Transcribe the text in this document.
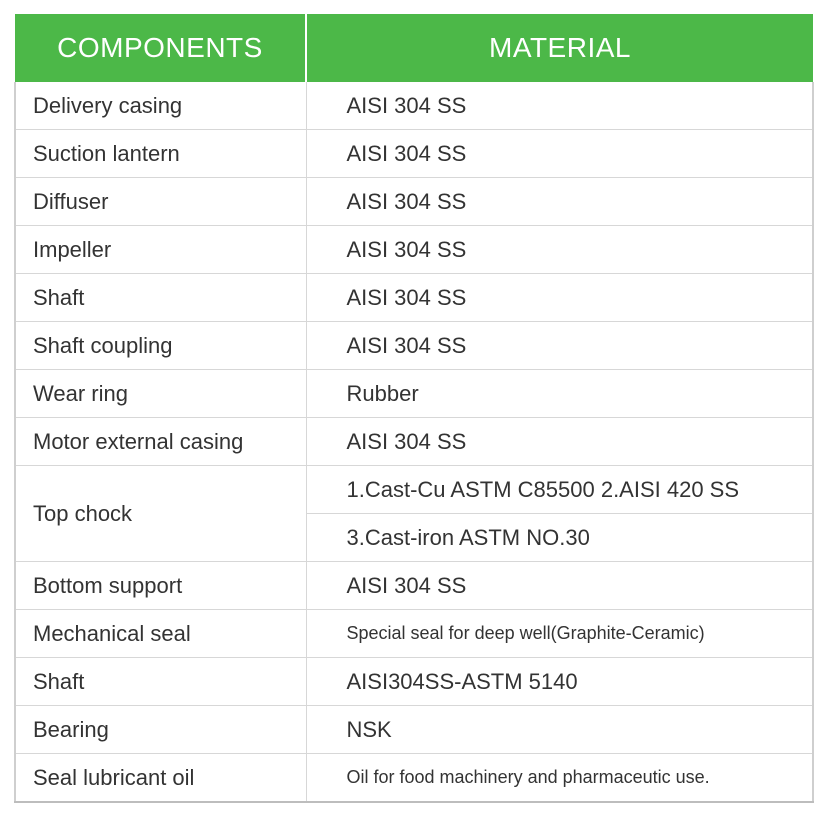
COMPONENTS	MATERIAL
Delivery casing	AISI 304 SS
Suction lantern	AISI 304 SS
Diffuser	AISI 304 SS
Impeller	AISI 304 SS
Shaft	AISI 304 SS
Shaft coupling	AISI 304 SS
Wear ring	Rubber
Motor external casing	AISI 304 SS
Top chock	1.Cast-Cu ASTM C85500 2.AISI 420 SS
	3.Cast-iron ASTM NO.30
Bottom support	AISI 304 SS
Mechanical seal	Special seal for deep well(Graphite-Ceramic)
Shaft	AISI304SS-ASTM 5140
Bearing	NSK
Seal lubricant oil	Oil for food machinery and pharmaceutic use.
